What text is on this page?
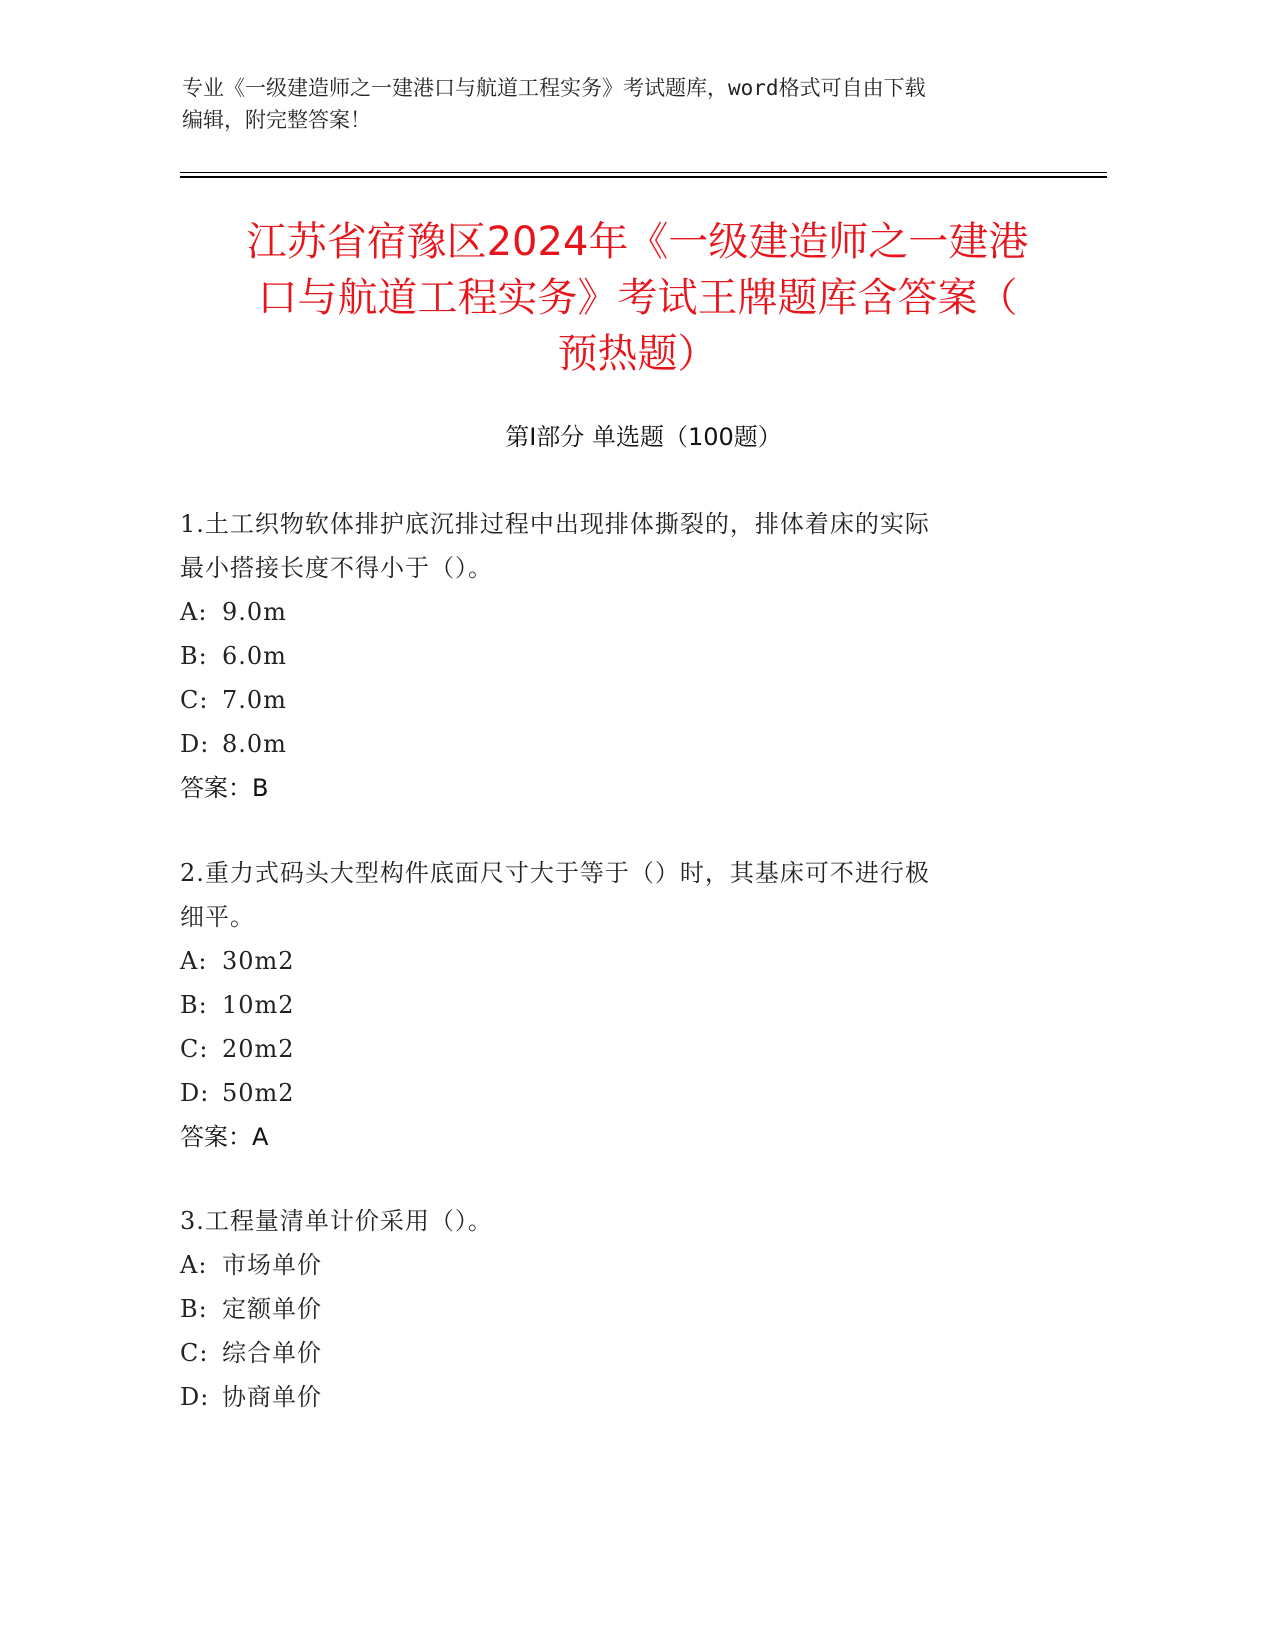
专业《一级建造师之一建港口与航道工程实务》考试题库，word格式可自由下载
编辑，附完整答案！
江苏省宿豫区2024年《一级建造师之一建港
口与航道工程实务》考试王牌题库含答案（
预热题）
第I部分 单选题（100题）
1.土工织物软体排护底沉排过程中出现排体撕裂的，排体着床的实际
最小搭接长度不得小于（）。
A: 9.0m
B: 6.0m
C: 7.0m
D: 8.0m
答案：B
2.重力式码头大型构件底面尺寸大于等于（）时，其基床可不进行极
细平。
A: 30m2
B: 10m2
C: 20m2
D: 50m2
答案：A
3.工程量清单计价采用（）。
A: 市场单价
B: 定额单价
C: 综合单价
D: 协商单价
